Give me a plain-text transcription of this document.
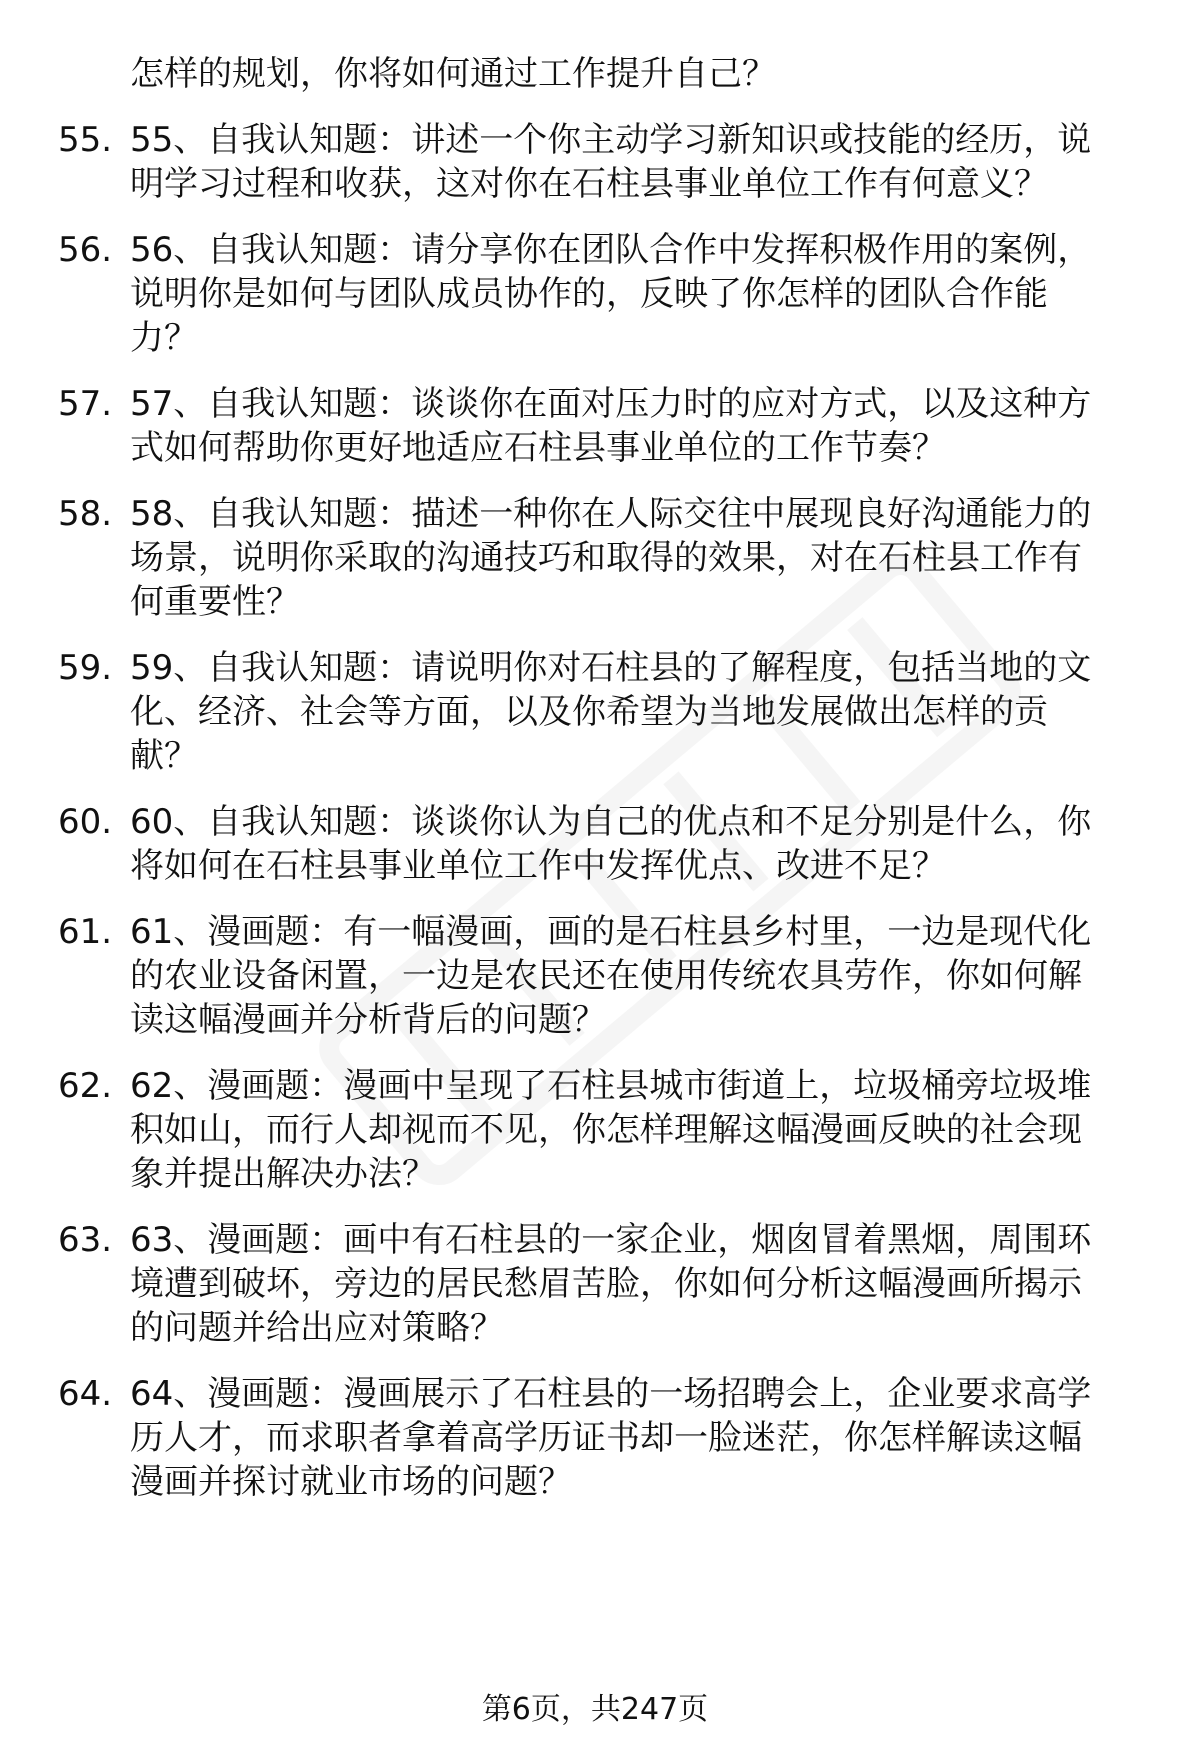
怎样的规划，你将如何通过工作提升自己？
55. 55、自我认知题：讲述一个你主动学习新知识或技能的经历，说
明学习过程和收获，这对你在石柱县事业单位工作有何意义？
56. 56、自我认知题：请分享你在团队合作中发挥积极作用的案例，
说明你是如何与团队成员协作的，反映了你怎样的团队合作能
力？
57. 57、自我认知题：谈谈你在面对压力时的应对方式，以及这种方
式如何帮助你更好地适应石柱县事业单位的工作节奏？
58. 58、自我认知题：描述一种你在人际交往中展现良好沟通能力的
场景，说明你采取的沟通技巧和取得的效果，对在石柱县工作有
何重要性？
59. 59、自我认知题：请说明你对石柱县的了解程度，包括当地的文
化、经济、社会等方面，以及你希望为当地发展做出怎样的贡
献？
60. 60、自我认知题：谈谈你认为自己的优点和不足分别是什么，你
将如何在石柱县事业单位工作中发挥优点、改进不足？
61. 61、漫画题：有一幅漫画，画的是石柱县乡村里，一边是现代化
的农业设备闲置，一边是农民还在使用传统农具劳作，你如何解
读这幅漫画并分析背后的问题？
62. 62、漫画题：漫画中呈现了石柱县城市街道上，垃圾桶旁垃圾堆
积如山，而行人却视而不见，你怎样理解这幅漫画反映的社会现
象并提出解决办法？
63. 63、漫画题：画中有石柱县的一家企业，烟囱冒着黑烟，周围环
境遭到破坏，旁边的居民愁眉苦脸，你如何分析这幅漫画所揭示
的问题并给出应对策略？
64. 64、漫画题：漫画展示了石柱县的一场招聘会上，企业要求高学
历人才，而求职者拿着高学历证书却一脸迷茫，你怎样解读这幅
漫画并探讨就业市场的问题？
第6页，共247页
